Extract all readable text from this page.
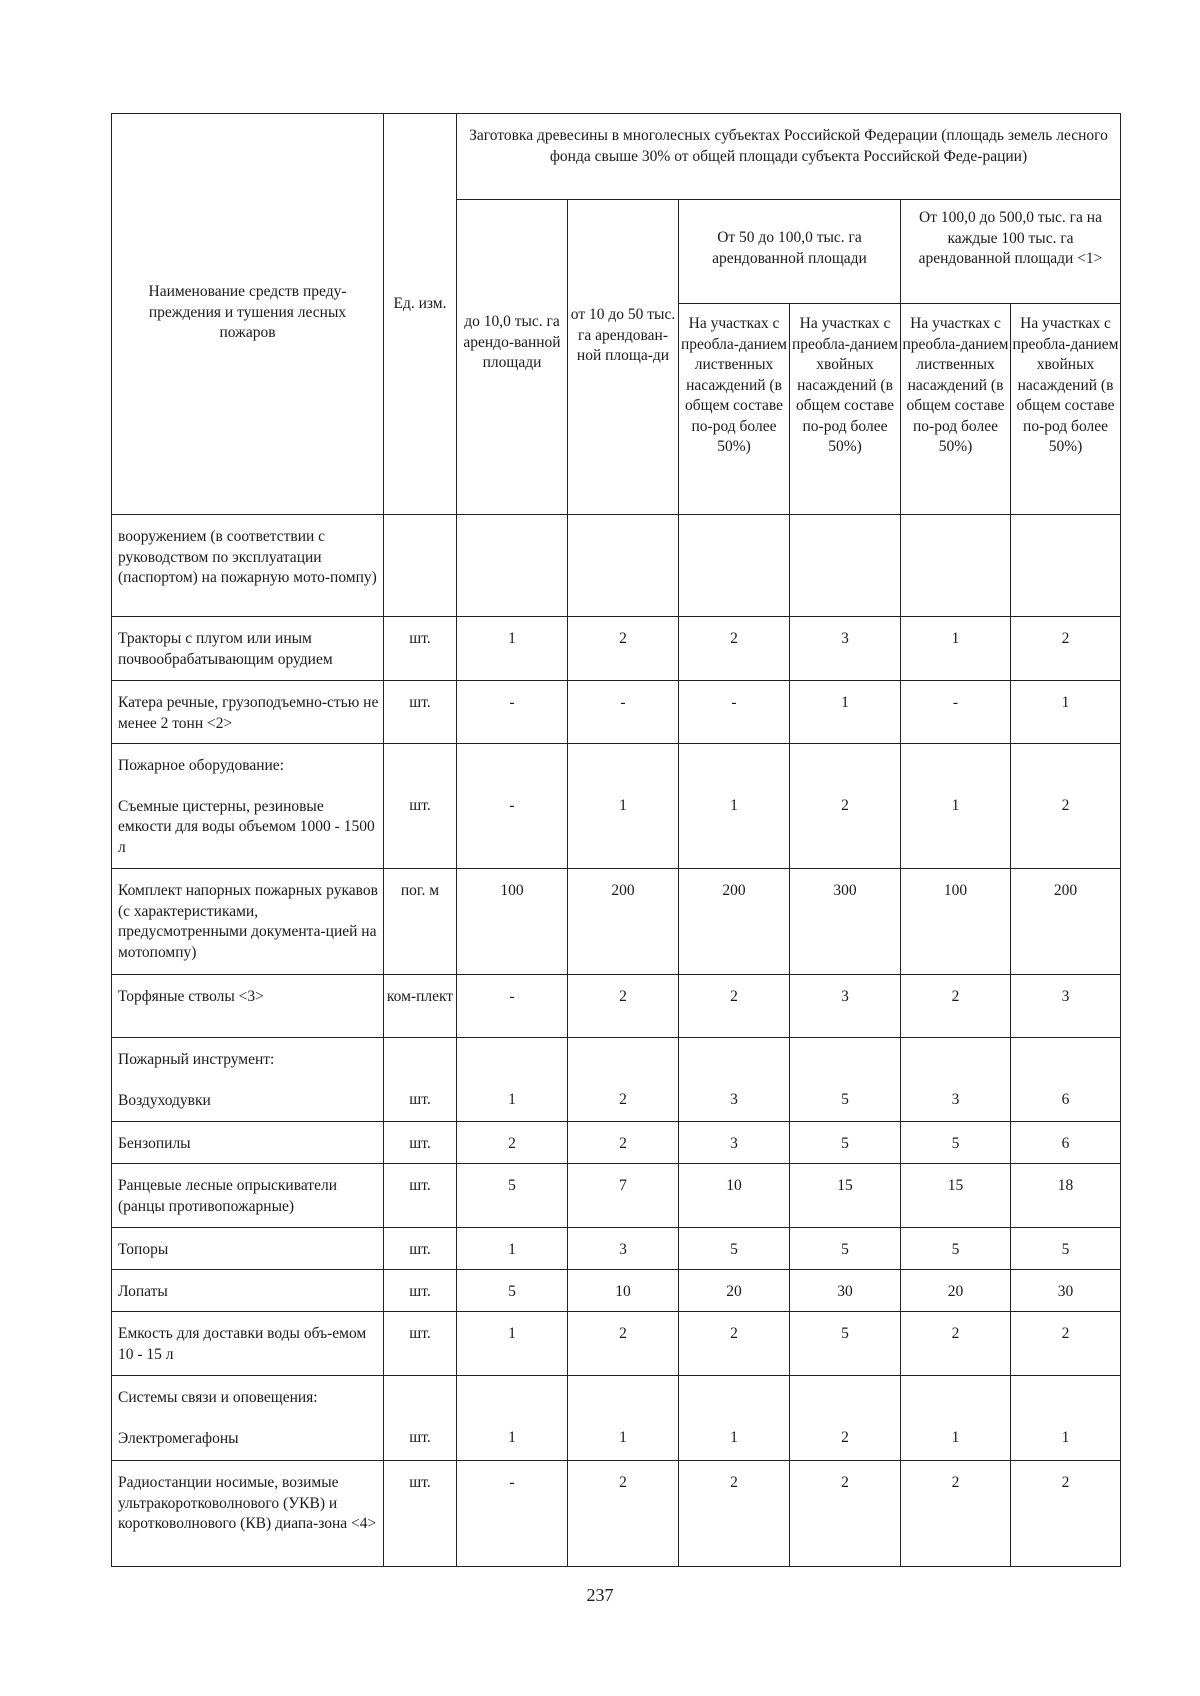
Наименование средств преду-преждения и тушения лесных пожаров	Ед. изм.	Заготовка древесины в многолесных субъектах Российской Федерации (площадь земель лесного фонда свыше 30% от общей площади субъекта Российской Феде-рации)					
		до 10,0 тыс. га арендо-ванной площади	от 10 до 50 тыс. га арендован-ной площа-ди	От 50 до 100,0 тыс. га арендованной площади		От 100,0 до 500,0 тыс. га на каждые 100 тыс. га арендованной площади <1>	
				На участках с преобла-данием лиственных насаждений (в общем составе по-род более 50%)	На участках с преобла-данием хвойных насаждений (в общем составе по-род более 50%)	На участках с преобла-данием лиственных насаждений (в общем составе по-род более 50%)	На участках с преобла-данием хвойных насаждений (в общем составе по-род более 50%)
вооружением (в соответствии с руководством по эксплуатации (паспортом) на пожарную мото-помпу)							
Тракторы с плугом или иным почвообрабатывающим орудием	шт.	1	2	2	3	1	2
Катера речные, грузоподъемно-стью не менее 2 тонн <2>	шт.	-	-	-	1	-	1
Пожарное оборудование:
Съемные цистерны, резиновые емкости для воды объемом 1000 - 1500 л	шт.	-	1	1	2	1	2
Комплект напорных пожарных рукавов (с характеристиками, предусмотренными документа-цией на мотопомпу)	пог. м	100	200	200	300	100	200
Торфяные стволы <3>	ком-плект	-	2	2	3	2	3
Пожарный инструмент:
Воздуходувки	шт.	1	2	3	5	3	6
Бензопилы	шт.	2	2	3	5	5	6
Ранцевые лесные опрыскиватели (ранцы противопожарные)	шт.	5	7	10	15	15	18
Топоры	шт.	1	3	5	5	5	5
Лопаты	шт.	5	10	20	30	20	30
Емкость для доставки воды объ-емом 10 - 15 л	шт.	1	2	2	5	2	2
Системы связи и оповещения:
Электромегафоны	шт.	1	1	1	2	1	1
Радиостанции носимые, возимые ультракоротковолнового (УКВ) и коротковолнового (КВ) диапа-зона <4>	шт.	-	2	2	2	2	2
237
